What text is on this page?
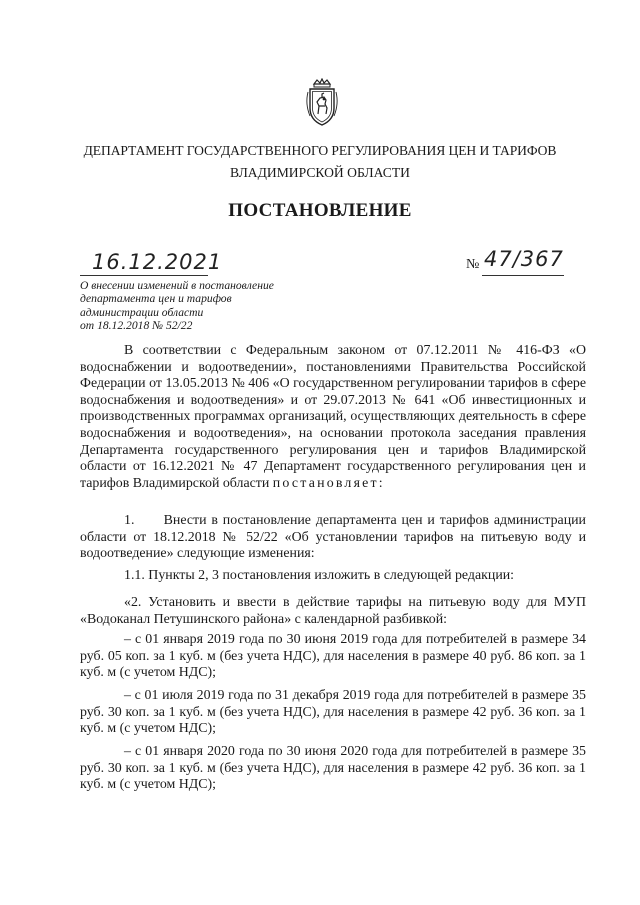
ДЕПАРТАМЕНТ ГОСУДАРСТВЕННОГО РЕГУЛИРОВАНИЯ ЦЕН И ТАРИФОВ
ВЛАДИМИРСКОЙ ОБЛАСТИ
ПОСТАНОВЛЕНИЕ
16.12.2021	№ 47/367
О внесении изменений в постановление
департамента цен и тарифов
администрации области
от 18.12.2018 № 52/22

В соответствии с Федеральным законом от 07.12.2011 № 416-ФЗ «О водоснабжении и водоотведении», постановлениями Правительства Российской Федерации от 13.05.2013 № 406 «О государственном регулировании тарифов в сфере водоснабжения и водоотведения» и от 29.07.2013 № 641 «Об инвестиционных и производственных программах организаций, осуществляющих деятельность в сфере водоснабжения и водоотведения», на основании протокола заседания правления Департамента государственного регулирования цен и тарифов Владимирской области от 16.12.2021 № 47 Департамент государственного регулирования цен и тарифов Владимирской области постановляет:

1.      Внести в постановление департамента цен и тарифов администрации области от 18.12.2018 № 52/22 «Об установлении тарифов на питьевую воду и водоотведение» следующие изменения:

1.1. Пункты 2, 3 постановления изложить в следующей редакции:

«2. Установить и ввести в действие тарифы на питьевую воду для МУП «Водоканал Петушинского района» с календарной разбивкой:

– с 01 января 2019 года по 30 июня 2019 года для потребителей в размере 34 руб. 05 коп. за 1 куб. м (без учета НДС), для населения в размере 40 руб. 86 коп. за 1 куб. м (с учетом НДС);

– с 01 июля 2019 года по 31 декабря 2019 года для потребителей в размере 35 руб. 30 коп. за 1 куб. м (без учета НДС), для населения в размере 42 руб. 36 коп. за 1 куб. м (с учетом НДС);

– с 01 января 2020 года по 30 июня 2020 года для потребителей в размере 35 руб. 30 коп. за 1 куб. м (без учета НДС), для населения в размере 42 руб. 36 коп. за 1 куб. м (с учетом НДС);
